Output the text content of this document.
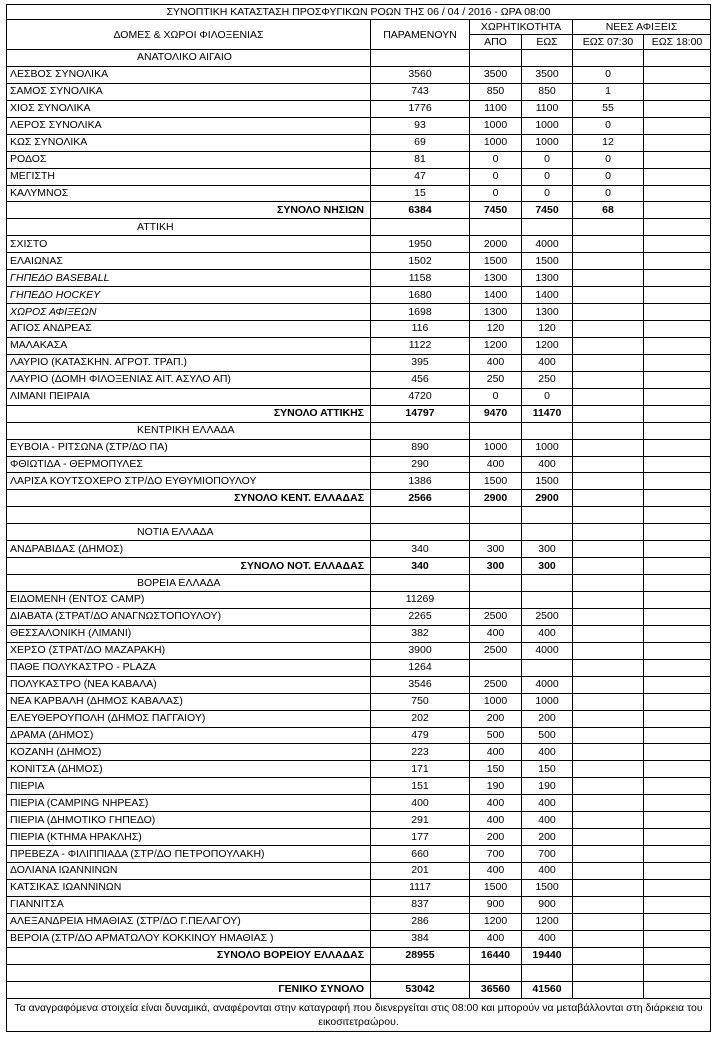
ΣΥΝΟΠΤΙΚΗ ΚΑΤΑΣΤΑΣΗ ΠΡΟΣΦΥΓΙΚΩΝ ΡΟΩΝ ΤΗΣ 06 / 04 / 2016 - ΩΡΑ 08:00					
ΔΟΜΕΣ & ΧΩΡΟΙ ΦΙΛΟΞΕΝΙΑΣ	ΠΑΡΑΜΕΝΟΥΝ	ΧΩΡΗΤΙΚΟΤΗΤΑ		ΝΕΕΣ ΑΦΙΞΕΙΣ	
		ΑΠΟ	ΕΩΣ	ΕΩΣ 07:30	ΕΩΣ 18:00
ΑΝΑΤΟΛΙΚΟ ΑΙΓΑΙΟ					
ΛΕΣΒΟΣ ΣΥΝΟΛΙΚΑ	3560	3500	3500	0	
ΣΑΜΟΣ ΣΥΝΟΛΙΚΑ	743	850	850	1	
ΧΙΟΣ ΣΥΝΟΛΙΚΑ	1776	1100	1100	55	
ΛΕΡΟΣ ΣΥΝΟΛΙΚΑ	93	1000	1000	0	
ΚΩΣ ΣΥΝΟΛΙΚΑ	69	1000	1000	12	
ΡΟΔΟΣ	81	0	0	0	
ΜΕΓΙΣΤΗ	47	0	0	0	
ΚΑΛΥΜΝΟΣ	15	0	0	0	
ΣΥΝΟΛΟ ΝΗΣΙΩΝ	6384	7450	7450	68	
ΑΤΤΙΚΗ					
ΣΧΙΣΤΟ	1950	2000	4000		
ΕΛΑΙΩΝΑΣ	1502	1500	1500		
ΓΗΠΕΔΟ BASEBALL	1158	1300	1300		
ΓΗΠΕΔΟ HOCKEY	1680	1400	1400		
ΧΩΡΟΣ ΑΦΙΞΕΩΝ	1698	1300	1300		
ΑΓΙΟΣ ΑΝΔΡΕΑΣ	116	120	120		
ΜΑΛΑΚΑΣΑ	1122	1200	1200		
ΛΑΥΡΙΟ (ΚΑΤΑΣΚΗΝ. ΑΓΡΟΤ. ΤΡΑΠ.)	395	400	400		
ΛΑΥΡΙΟ (ΔΟΜΗ ΦΙΛΟΞΕΝΙΑΣ ΑΙΤ. ΑΣΥΛΟ ΑΠ)	456	250	250		
ΛΙΜΑΝΙ ΠΕΙΡΑΙΑ	4720	0	0		
ΣΥΝΟΛΟ ΑΤΤΙΚΗΣ	14797	9470	11470		
ΚΕΝΤΡΙΚΗ ΕΛΛΑΔΑ					
ΕΥΒΟΙΑ - ΡΙΤΣΩΝΑ (ΣΤΡ/ΔΟ ΠΑ)	890	1000	1000		
ΦΘΙΩΤΙΔΑ - ΘΕΡΜΟΠΥΛΕΣ	290	400	400		
ΛΑΡΙΣΑ ΚΟΥΤΣΟΧΕΡΟ ΣΤΡ/ΔΟ ΕΥΘΥΜΙΟΠΟΥΛΟΥ	1386	1500	1500		
ΣΥΝΟΛΟ ΚΕΝΤ. ΕΛΛΑΔΑΣ	2566	2900	2900		

ΝΟΤΙΑ ΕΛΛΑΔΑ					
ΑΝΔΡΑΒΙΔΑΣ (ΔΗΜΟΣ)	340	300	300		
ΣΥΝΟΛΟ ΝΟΤ. ΕΛΛΑΔΑΣ	340	300	300		
ΒΟΡΕΙΑ ΕΛΛΑΔΑ					
ΕΙΔΟΜΕΝΗ (ΕΝΤΟΣ CAMP)	11269				
ΔΙΑΒΑΤΑ (ΣΤΡΑΤ/ΔΟ ΑΝΑΓΝΩΣΤΟΠΟΥΛΟΥ)	2265	2500	2500		
ΘΕΣΣΑΛΟΝΙΚΗ (ΛΙΜΑΝΙ)	382	400	400		
ΧΕΡΣΟ (ΣΤΡΑΤ/ΔΟ ΜΑΖΑΡΑΚΗ)	3900	2500	4000		
ΠΑΘΕ ΠΟΛΥΚΑΣΤΡΟ - PLAZA	1264				
ΠΟΛΥΚΑΣΤΡΟ (ΝΕΑ ΚΑΒΑΛΑ)	3546	2500	4000		
ΝΕΑ ΚΑΡΒΑΛΗ (ΔΗΜΟΣ ΚΑΒΑΛΑΣ)	750	1000	1000		
ΕΛΕΥΘΕΡΟΥΠΟΛΗ (ΔΗΜΟΣ ΠΑΓΓΑΙΟΥ)	202	200	200		
ΔΡΑΜΑ (ΔΗΜΟΣ)	479	500	500		
ΚΟΖΑΝΗ (ΔΗΜΟΣ)	223	400	400		
ΚΟΝΙΤΣΑ (ΔΗΜΟΣ)	171	150	150		
ΠΙΕΡΙΑ	151	190	190		
ΠΙΕΡΙΑ (CAMPING ΝΗΡΕΑΣ)	400	400	400		
ΠΙΕΡΙΑ (ΔΗΜΟΤΙΚΟ ΓΗΠΕΔΟ)	291	400	400		
ΠΙΕΡΙΑ (ΚΤΗΜΑ ΗΡΑΚΛΗΣ)	177	200	200		
ΠΡΕΒΕΖΑ - ΦΙΛΙΠΠΙΑΔΑ (ΣΤΡ/ΔΟ ΠΕΤΡΟΠΟΥΛΑΚΗ)	660	700	700		
ΔΟΛΙΑΝΑ ΙΩΑΝΝΙΝΩΝ	201	400	400		
ΚΑΤΣΙΚΑΣ ΙΩΑΝΝΙΝΩΝ	1117	1500	1500		
ΓΙΑΝΝΙΤΣΑ	837	900	900		
ΑΛΕΞΑΝΔΡΕΙΑ ΗΜΑΘΙΑΣ (ΣΤΡ/ΔΟ Γ.ΠΕΛΑΓΟΥ)	286	1200	1200		
ΒΕΡΟΙΑ (ΣΤΡ/ΔΟ ΑΡΜΑΤΩΛΟΥ ΚΟΚΚΙΝΟΥ ΗΜΑΘΙΑΣ )	384	400	400		
ΣΥΝΟΛΟ ΒΟΡΕΙΟΥ ΕΛΛΑΔΑΣ	28955	16440	19440		

ΓΕΝΙΚΟ ΣΥΝΟΛΟ	53042	36560	41560		
Τα αναγραφόμενα στοιχεία είναι δυναμικά, αναφέρονται στην καταγραφή που διενεργείται στις 08:00 και μπορούν να μεταβάλλονται στη διάρκεια του εικοσιτετραώρου.					
